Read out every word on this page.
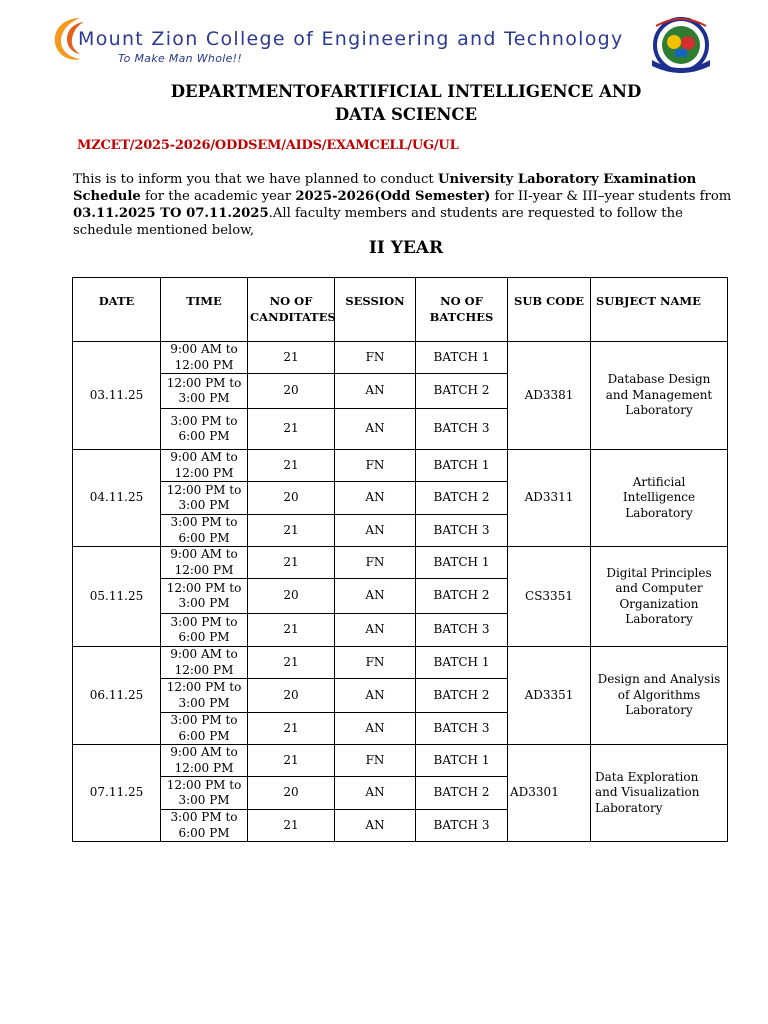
Mount Zion College of Engineering and Technology
To Make Man Whole!!
DEPARTMENTOFARTIFICIAL INTELLIGENCE AND
DATA SCIENCE
MZCET/2025-2026/ODDSEM/AIDS/EXAMCELL/UG/UL
This is to inform you that we have planned to conduct University Laboratory Examination Schedule for the academic year 2025-2026(Odd Semester) for II-year & III–year students from 03.11.2025 TO 07.11.2025.All faculty members and students are requested to follow the schedule mentioned below,
II YEAR
DATE	TIME	NO OF CANDITATES	SESSION	NO OF BATCHES	SUB CODE	SUBJECT NAME
03.11.25	9:00 AM to 12:00 PM	21	FN	BATCH 1	AD3381	Database Design and Management Laboratory
	12:00 PM to 3:00 PM	20	AN	BATCH 2		
	3:00 PM to 6:00 PM	21	AN	BATCH 3		
04.11.25	9:00 AM to 12:00 PM	21	FN	BATCH 1	AD3311	Artificial Intelligence Laboratory
	12:00 PM to 3:00 PM	20	AN	BATCH 2		
	3:00 PM to 6:00 PM	21	AN	BATCH 3		
05.11.25	9:00 AM to 12:00 PM	21	FN	BATCH 1	CS3351	Digital Principles and Computer Organization Laboratory
	12:00 PM to 3:00 PM	20	AN	BATCH 2		
	3:00 PM to 6:00 PM	21	AN	BATCH 3		
06.11.25	9:00 AM to 12:00 PM	21	FN	BATCH 1	AD3351	Design and Analysis of Algorithms Laboratory
	12:00 PM to 3:00 PM	20	AN	BATCH 2		
	3:00 PM to 6:00 PM	21	AN	BATCH 3		
07.11.25	9:00 AM to 12:00 PM	21	FN	BATCH 1	AD3301	Data Exploration and Visualization Laboratory
	12:00 PM to 3:00 PM	20	AN	BATCH 2		
	3:00 PM to 6:00 PM	21	AN	BATCH 3		
